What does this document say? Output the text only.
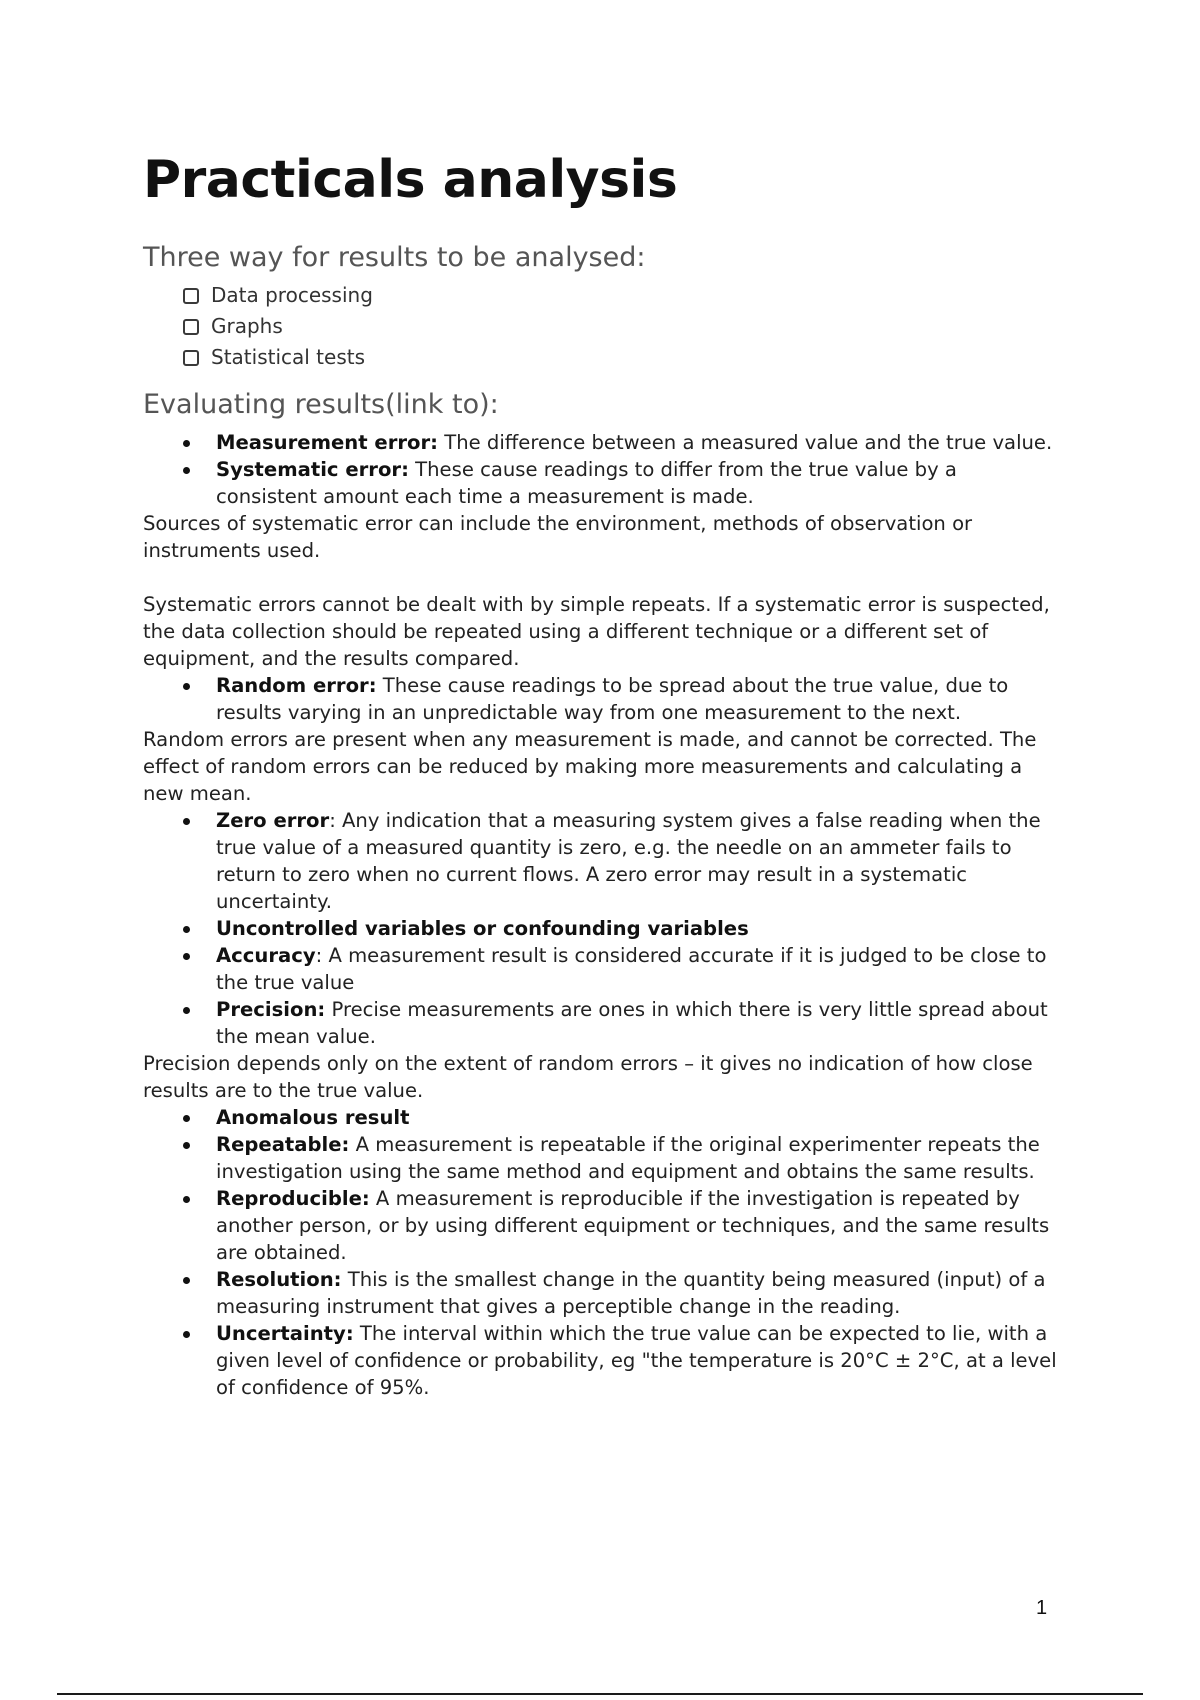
Practicals analysis
Three way for results to be analysed:
Data processing
Graphs
Statistical tests
Evaluating results(link to):
Measurement error: The difference between a measured value and the true value.
Systematic error: These cause readings to differ from the true value by a consistent amount each time a measurement is made.

Sources of systematic error can include the environment, methods of observation or instruments used.

Systematic errors cannot be dealt with by simple repeats. If a systematic error is suspected, the data collection should be repeated using a different technique or a different set of equipment, and the results compared.

Random error: These cause readings to be spread about the true value, due to results varying in an unpredictable way from one measurement to the next.

Random errors are present when any measurement is made, and cannot be corrected. The effect of random errors can be reduced by making more measurements and calculating a new mean.

Zero error: Any indication that a measuring system gives a false reading when the true value of a measured quantity is zero, e.g. the needle on an ammeter fails to return to zero when no current flows. A zero error may result in a systematic uncertainty.
Uncontrolled variables or confounding variables
Accuracy: A measurement result is considered accurate if it is judged to be close to the true value
Precision: Precise measurements are ones in which there is very little spread about the mean value.

Precision depends only on the extent of random errors – it gives no indication of how close results are to the true value.

Anomalous result
Repeatable: A measurement is repeatable if the original experimenter repeats the investigation using the same method and equipment and obtains the same results.
Reproducible: A measurement is reproducible if the investigation is repeated by another person, or by using different equipment or techniques, and the same results are obtained.
Resolution: This is the smallest change in the quantity being measured (input) of a measuring instrument that gives a perceptible change in the reading.
Uncertainty: The interval within which the true value can be expected to lie, with a given level of confidence or probability, eg "the temperature is 20°C ± 2°C, at a level of confidence of 95%.
1
